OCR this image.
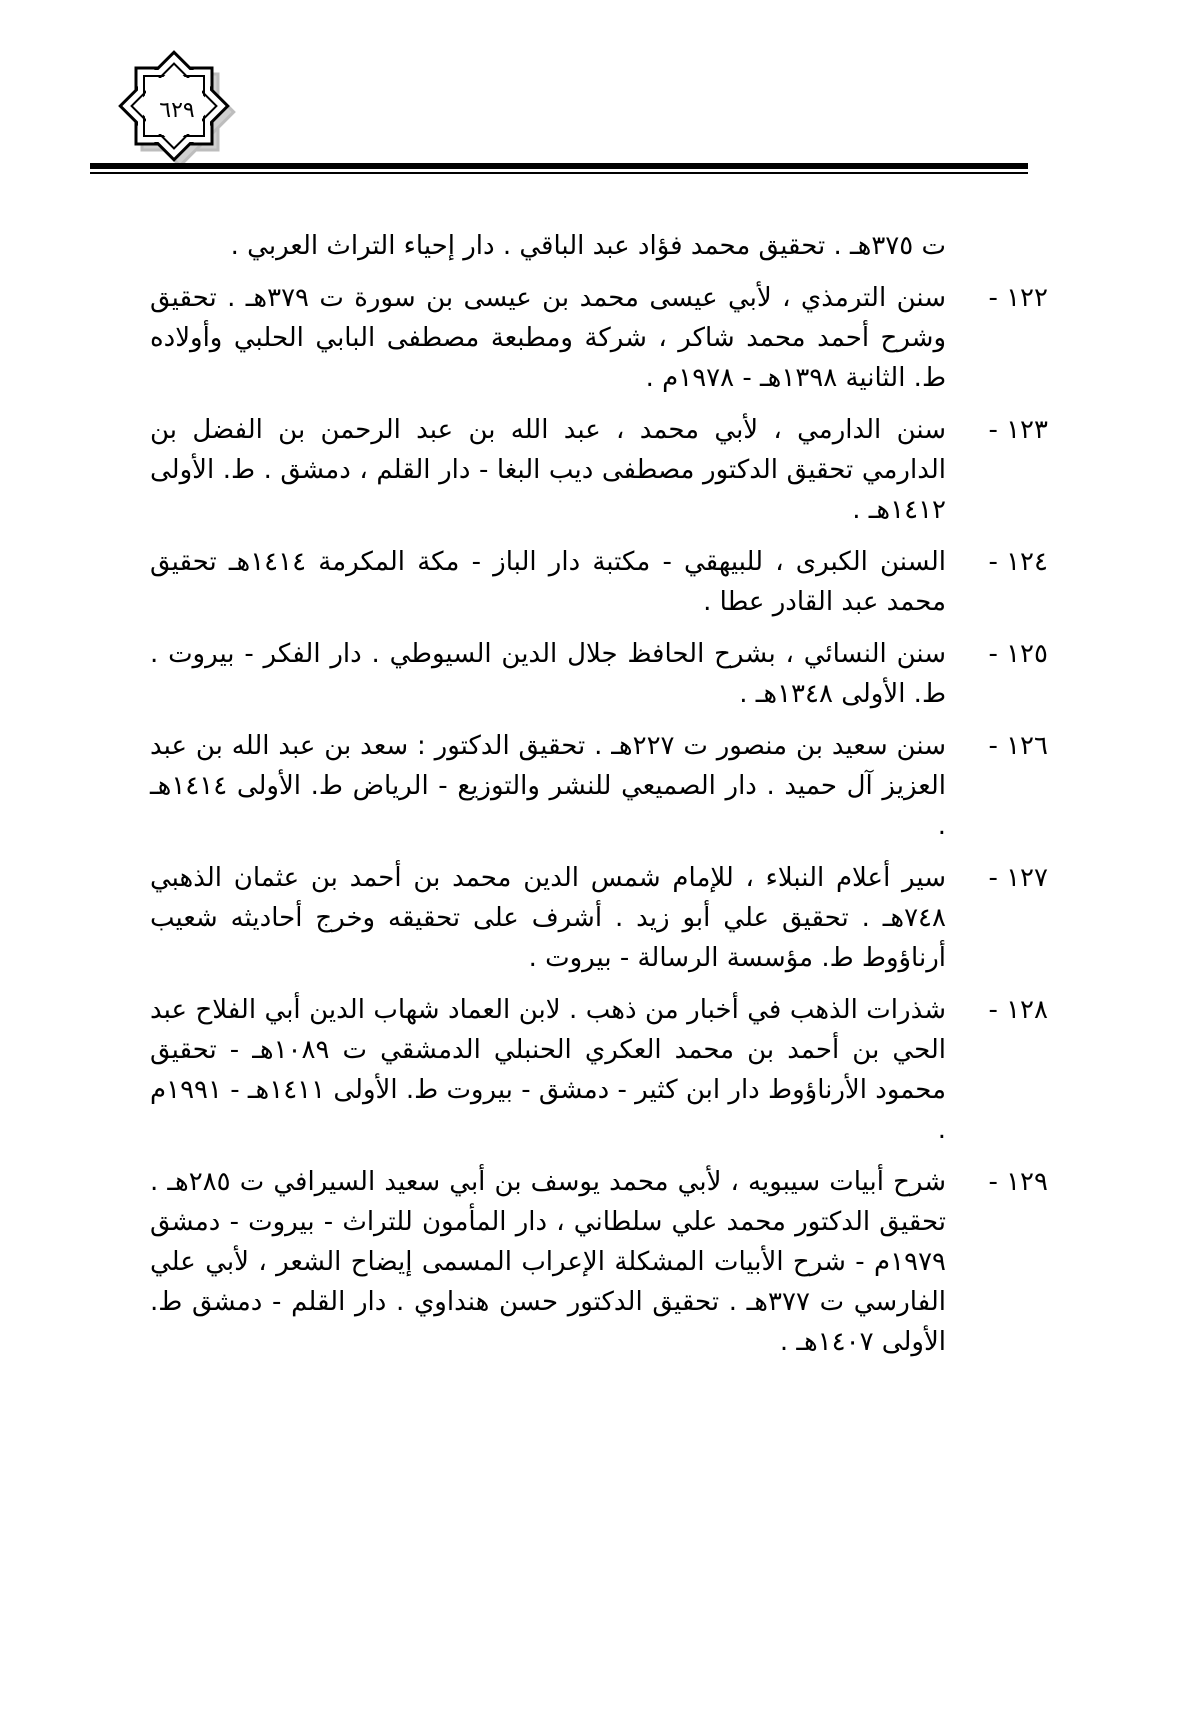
٦٢٩
ت ٣٧٥هـ . تحقيق محمد فؤاد عبد الباقي . دار إحياء التراث العربي .
١٢٢ -
سنن الترمذي ، لأبي عيسى محمد بن عيسى بن سورة ت ٣٧٩هـ . تحقيق وشرح أحمد محمد شاكر ، شركة ومطبعة مصطفى البابي الحلبي وأولاده ط. الثانية ١٣٩٨هـ - ١٩٧٨م .
١٢٣ -
سنن الدارمي ، لأبي محمد ، عبد الله بن عبد الرحمن بن الفضل بن الدارمي تحقيق الدكتور مصطفى ديب البغا - دار القلم ، دمشق . ط. الأولى ١٤١٢هـ .
١٢٤ -
السنن الكبرى ، للبيهقي - مكتبة دار الباز - مكة المكرمة ١٤١٤هـ تحقيق محمد عبد القادر عطا .
١٢٥ -
سنن النسائي ، بشرح الحافظ جلال الدين السيوطي . دار الفكر - بيروت . ط. الأولى ١٣٤٨هـ .
١٢٦ -
سنن سعيد بن منصور ت ٢٢٧هـ . تحقيق الدكتور : سعد بن عبد الله بن عبد العزيز آل حميد . دار الصميعي للنشر والتوزيع - الرياض ط. الأولى ١٤١٤هـ .
١٢٧ -
سير أعلام النبلاء ، للإمام شمس الدين محمد بن أحمد بن عثمان الذهبي ٧٤٨هـ . تحقيق علي أبو زيد . أشرف على تحقيقه وخرج أحاديثه شعيب أرناؤوط ط. مؤسسة الرسالة - بيروت .
١٢٨ -
شذرات الذهب في أخبار من ذهب . لابن العماد شهاب الدين أبي الفلاح عبد الحي بن أحمد بن محمد العكري الحنبلي الدمشقي ت ١٠٨٩هـ - تحقيق محمود الأرناؤوط دار ابن كثير - دمشق - بيروت ط. الأولى ١٤١١هـ - ١٩٩١م .
١٢٩ -
شرح أبيات سيبويه ، لأبي محمد يوسف بن أبي سعيد السيرافي ت ٢٨٥هـ . تحقيق الدكتور محمد علي سلطاني ، دار المأمون للتراث - بيروت - دمشق ١٩٧٩م - شرح الأبيات المشكلة الإعراب المسمى إيضاح الشعر ، لأبي علي الفارسي ت ٣٧٧هـ . تحقيق الدكتور حسن هنداوي . دار القلم - دمشق ط. الأولى ١٤٠٧هـ .
